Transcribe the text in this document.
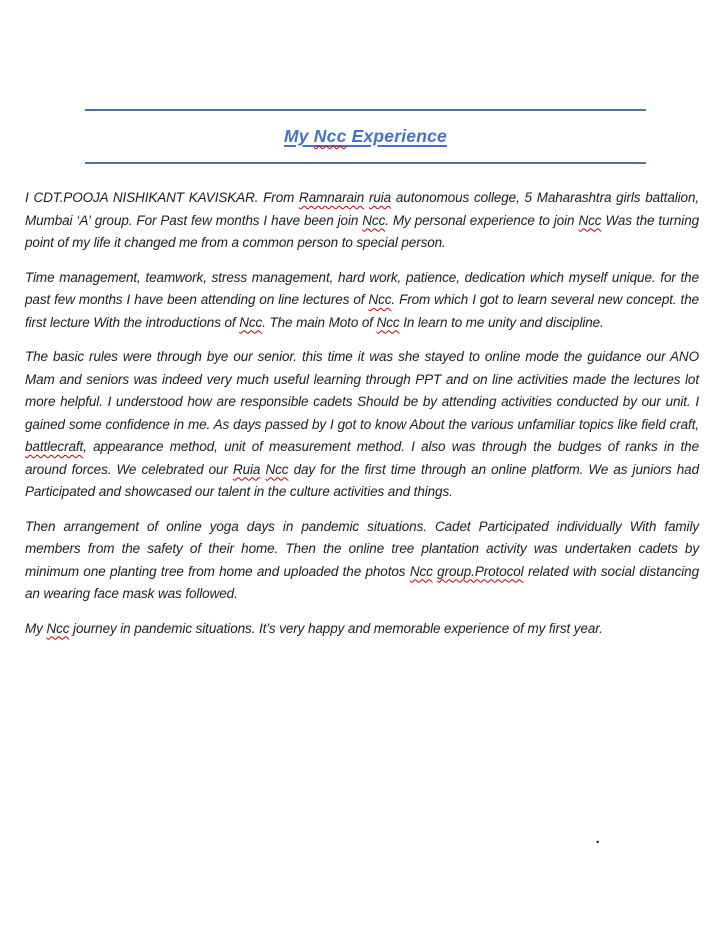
My Ncc Experience

I CDT.POOJA NISHIKANT KAVISKAR. From Ramnarain ruia autonomous college, 5 Maharashtra girls battalion, Mumbai ‘A' group. For Past few months I have been join Ncc. My personal experience to join Ncc Was the turning point of my life it changed me from a common person to special person.

Time management, teamwork, stress management, hard work, patience, dedication which myself unique. for the past few months I have been attending on line lectures of Ncc. From which I got to learn several new concept. the first lecture With the introductions of Ncc. The main Moto of Ncc In learn to me unity and discipline.

The basic rules were through bye our senior. this time it was she stayed to online mode the guidance our ANO Mam and seniors was indeed very much useful learning through PPT and on line activities made the lectures lot more helpful. I understood how are responsible cadets Should be by attending activities conducted by our unit. I gained some confidence in me. As days passed by I got to know About the various unfamiliar topics like field craft, battlecraft, appearance method, unit of measurement method. I also was through the budges of ranks in the around forces. We celebrated our Ruia Ncc day for the first time through an online platform. We as juniors had Participated and showcased our talent in the culture activities and things.

Then arrangement of online yoga days in pandemic situations. Cadet Participated individually With family members from the safety of their home. Then the online tree plantation activity was undertaken cadets by minimum one planting tree from home and uploaded the photos Ncc group.Protocol related with social distancing an wearing face mask was followed.

My Ncc journey in pandemic situations. It’s very happy and memorable experience of my first year.

.
